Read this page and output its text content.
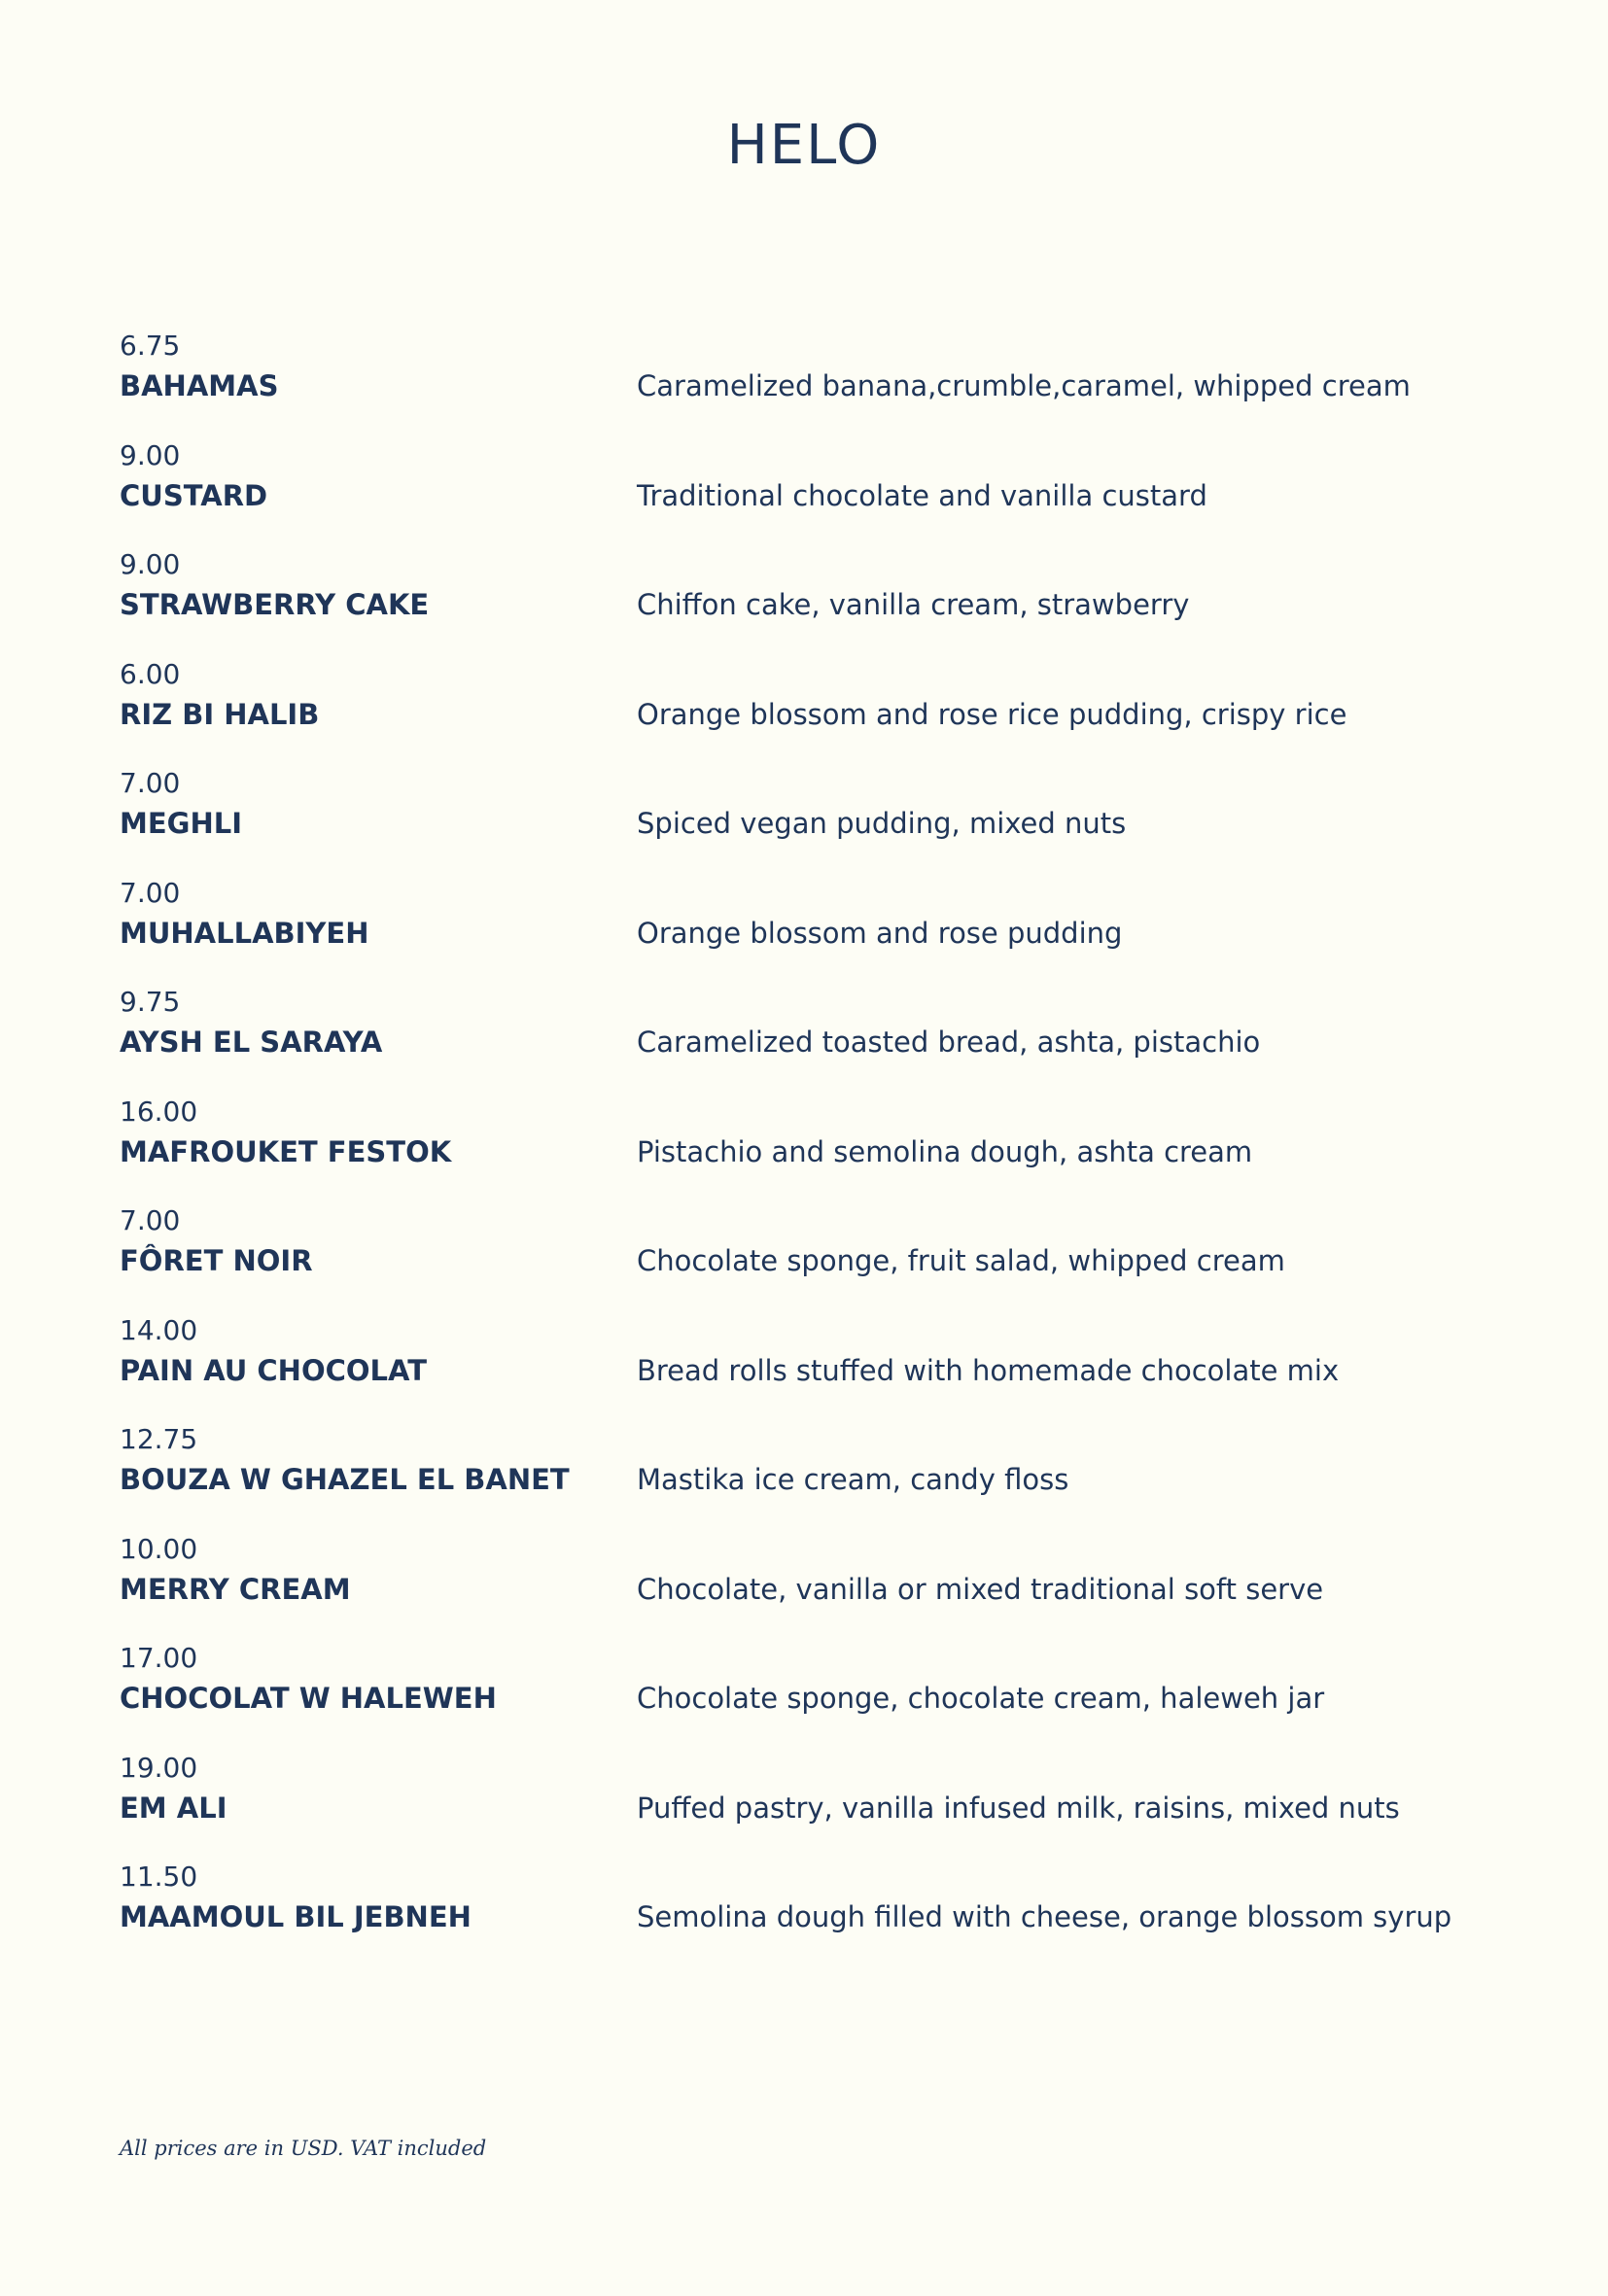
HELO
6.75
BAHAMAS	Caramelized banana,crumble,caramel, whipped cream
9.00
CUSTARD	Traditional chocolate and vanilla custard
9.00
STRAWBERRY CAKE	Chiffon cake, vanilla cream, strawberry
6.00
RIZ BI HALIB	Orange blossom and rose rice pudding, crispy rice
7.00
MEGHLI	Spiced vegan pudding, mixed nuts
7.00
MUHALLABIYEH	Orange blossom and rose pudding
9.75
AYSH EL SARAYA	Caramelized toasted bread, ashta, pistachio
16.00
MAFROUKET FESTOK	Pistachio and semolina dough, ashta cream
7.00
FÔRET NOIR	Chocolate sponge, fruit salad, whipped cream
14.00
PAIN AU CHOCOLAT	Bread rolls stuffed with homemade chocolate mix
12.75
BOUZA W GHAZEL EL BANET Mastika ice cream, candy floss
10.00
MERRY CREAM	Chocolate, vanilla or mixed traditional soft serve
17.00
CHOCOLAT W HALEWEH	Chocolate sponge, chocolate cream, haleweh jar
19.00
EM ALI	Puffed pastry, vanilla infused milk, raisins, mixed nuts
11.50
MAAMOUL BIL JEBNEH	Semolina dough filled with cheese, orange blossom syrup
All prices are in USD. VAT included
